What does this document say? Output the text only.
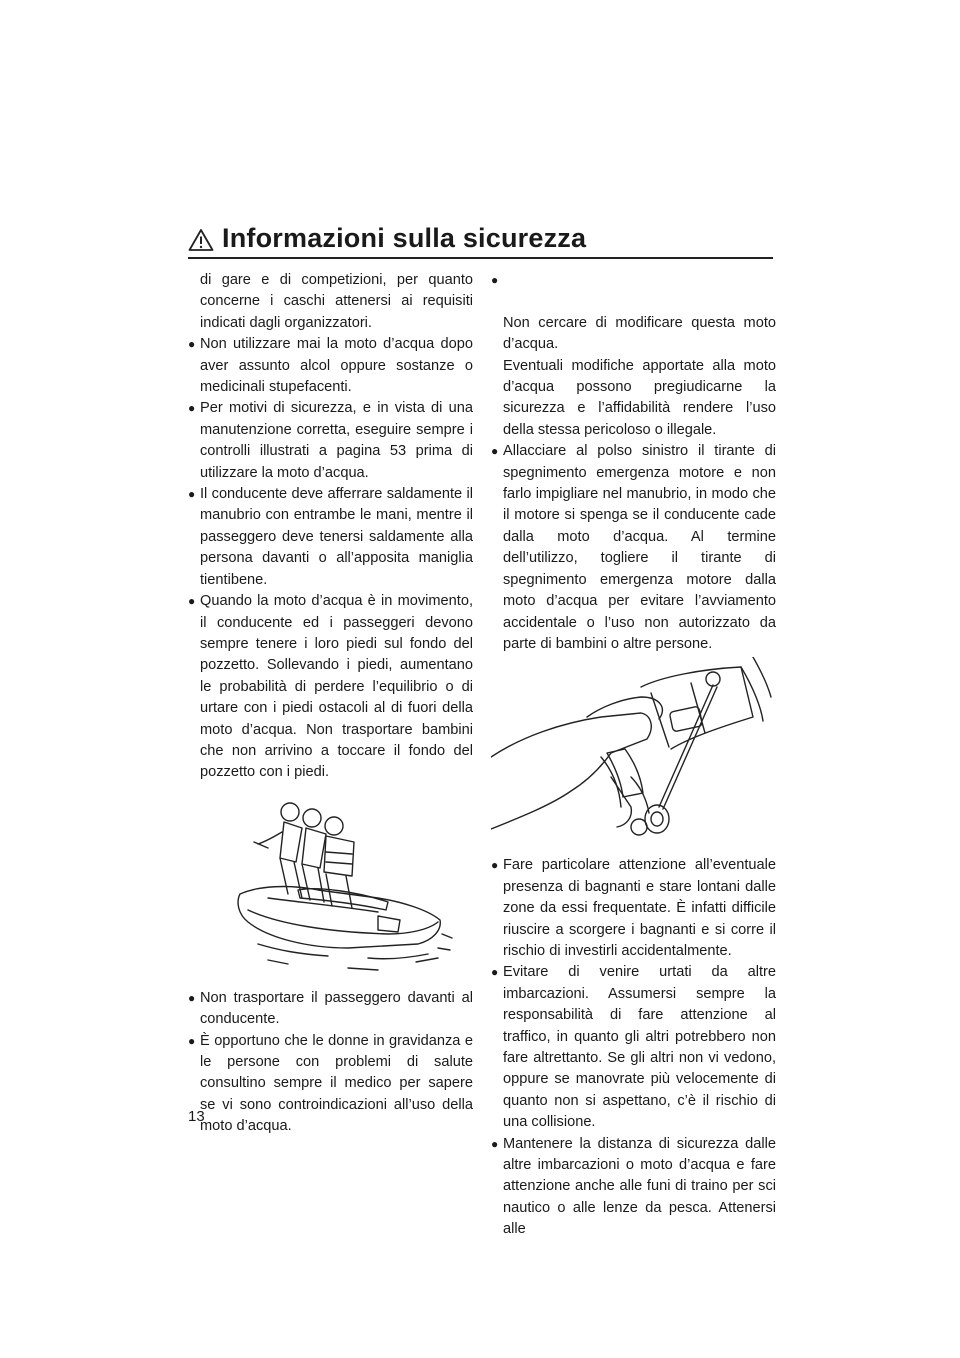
Informazioni sulla sicurezza
di gare e di competizioni, per quanto concerne i caschi attenersi ai requisiti indicati dagli organizzatori.
● Non utilizzare mai la moto d’acqua dopo aver assunto alcol oppure sostanze o medicinali stupefacenti.
● Per motivi di sicurezza, e in vista di una manutenzione corretta, eseguire sempre i controlli illustrati a pagina 53 prima di utilizzare la moto d’acqua.
● Il conducente deve afferrare saldamente il manubrio con entrambe le mani, mentre il passeggero deve tenersi saldamente alla persona davanti o all’apposita maniglia tientibene.
● Quando la moto d’acqua è in movimento, il conducente ed i passeggeri devono sempre tenere i loro piedi sul fondo del pozzetto. Sollevando i piedi, aumentano le probabilità di perdere l’equilibrio o di urtare con i piedi ostacoli al di fuori della moto d’acqua. Non trasportare bambini che non arrivino a toccare il fondo del pozzetto con i piedi.
● Non trasportare il passeggero davanti al conducente.
● È opportuno che le donne in gravidanza e le persone con problemi di salute consultino sempre il medico per sapere se vi sono controindicazioni all’uso della moto d’acqua.

●

Non cercare di modificare questa moto d’acqua.
Eventuali modifiche apportate alla moto d’acqua possono pregiudicarne la sicurezza e l’affidabilità rendere l’uso della stessa pericoloso o illegale.

● Allacciare al polso sinistro il tirante di spegnimento emergenza motore e non farlo impigliare nel manubrio, in modo che il motore si spenga se il conducente cade dalla moto d’acqua. Al termine dell’utilizzo, togliere il tirante di spegnimento emergenza motore dalla moto d’acqua per evitare l’avviamento accidentale o l’uso non autorizzato da parte di bambini o altre persone.
● Fare particolare attenzione all’eventuale presenza di bagnanti e stare lontani dalle zone da essi frequentate. È infatti difficile riuscire a scorgere i bagnanti e si corre il rischio di investirli accidentalmente.
● Evitare di venire urtati da altre imbarcazioni. Assumersi sempre la responsabilità di fare attenzione al traffico, in quanto gli altri potrebbero non fare altrettanto. Se gli altri non vi vedono, oppure se manovrate più velocemente di quanto non si aspettano, c’è il rischio di una collisione.
● Mantenere la distanza di sicurezza dalle altre imbarcazioni o moto d’acqua e fare attenzione anche alle funi di traino per sci nautico o alle lenze da pesca. Attenersi alle
13
